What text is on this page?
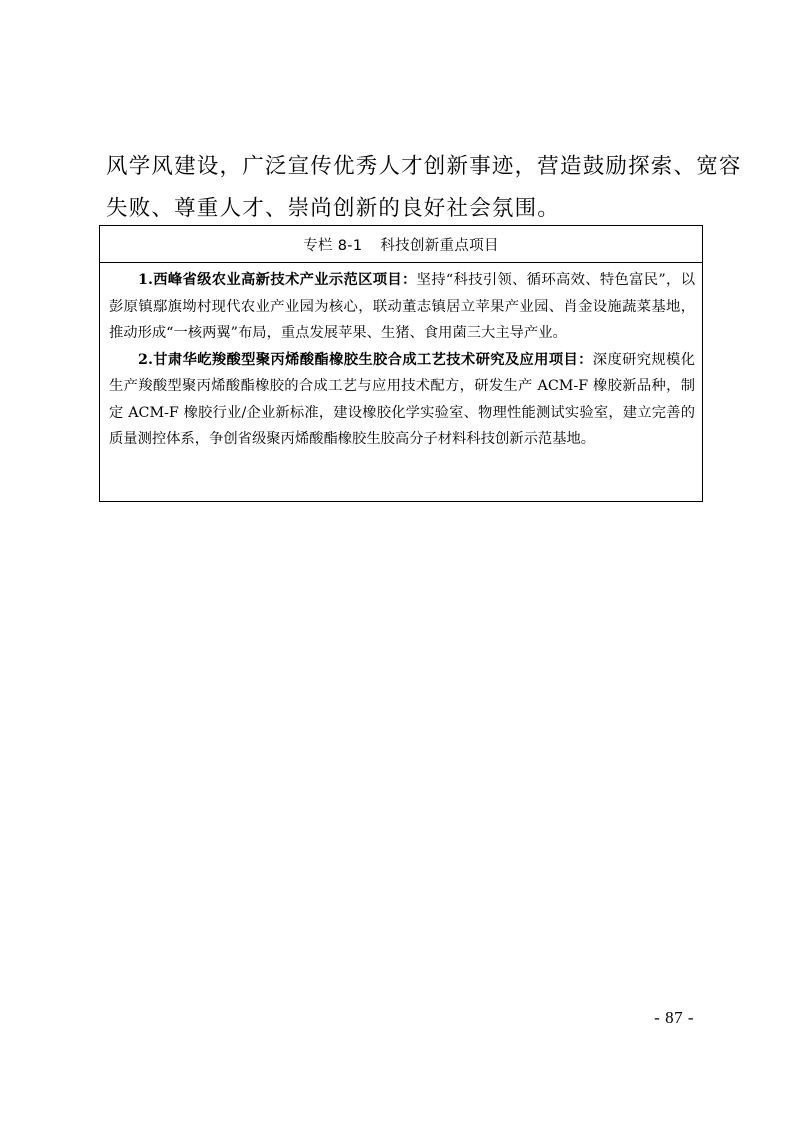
风学风建设，广泛宣传优秀人才创新事迹，营造鼓励探索、宽容
失败、尊重人才、崇尚创新的良好社会氛围。
专栏 8-1 科技创新重点项目

1.西峰省级农业高新技术产业示范区项目：坚持“科技引领、循环高效、特色富民”，以彭原镇鄢旗坳村现代农业产业园为核心，联动董志镇居立苹果产业园、肖金设施蔬菜基地，推动形成“一核两翼”布局，重点发展苹果、生猪、食用菌三大主导产业。

2.甘肃华屹羧酸型聚丙烯酸酯橡胶生胶合成工艺技术研究及应用项目：深度研究规模化生产羧酸型聚丙烯酸酯橡胶的合成工艺与应用技术配方，研发生产 ACM-F 橡胶新品种，制定 ACM-F 橡胶行业/企业新标准，建设橡胶化学实验室、物理性能测试实验室，建立完善的质量测控体系，争创省级聚丙烯酸酯橡胶生胶高分子材料科技创新示范基地。

- 87 -
